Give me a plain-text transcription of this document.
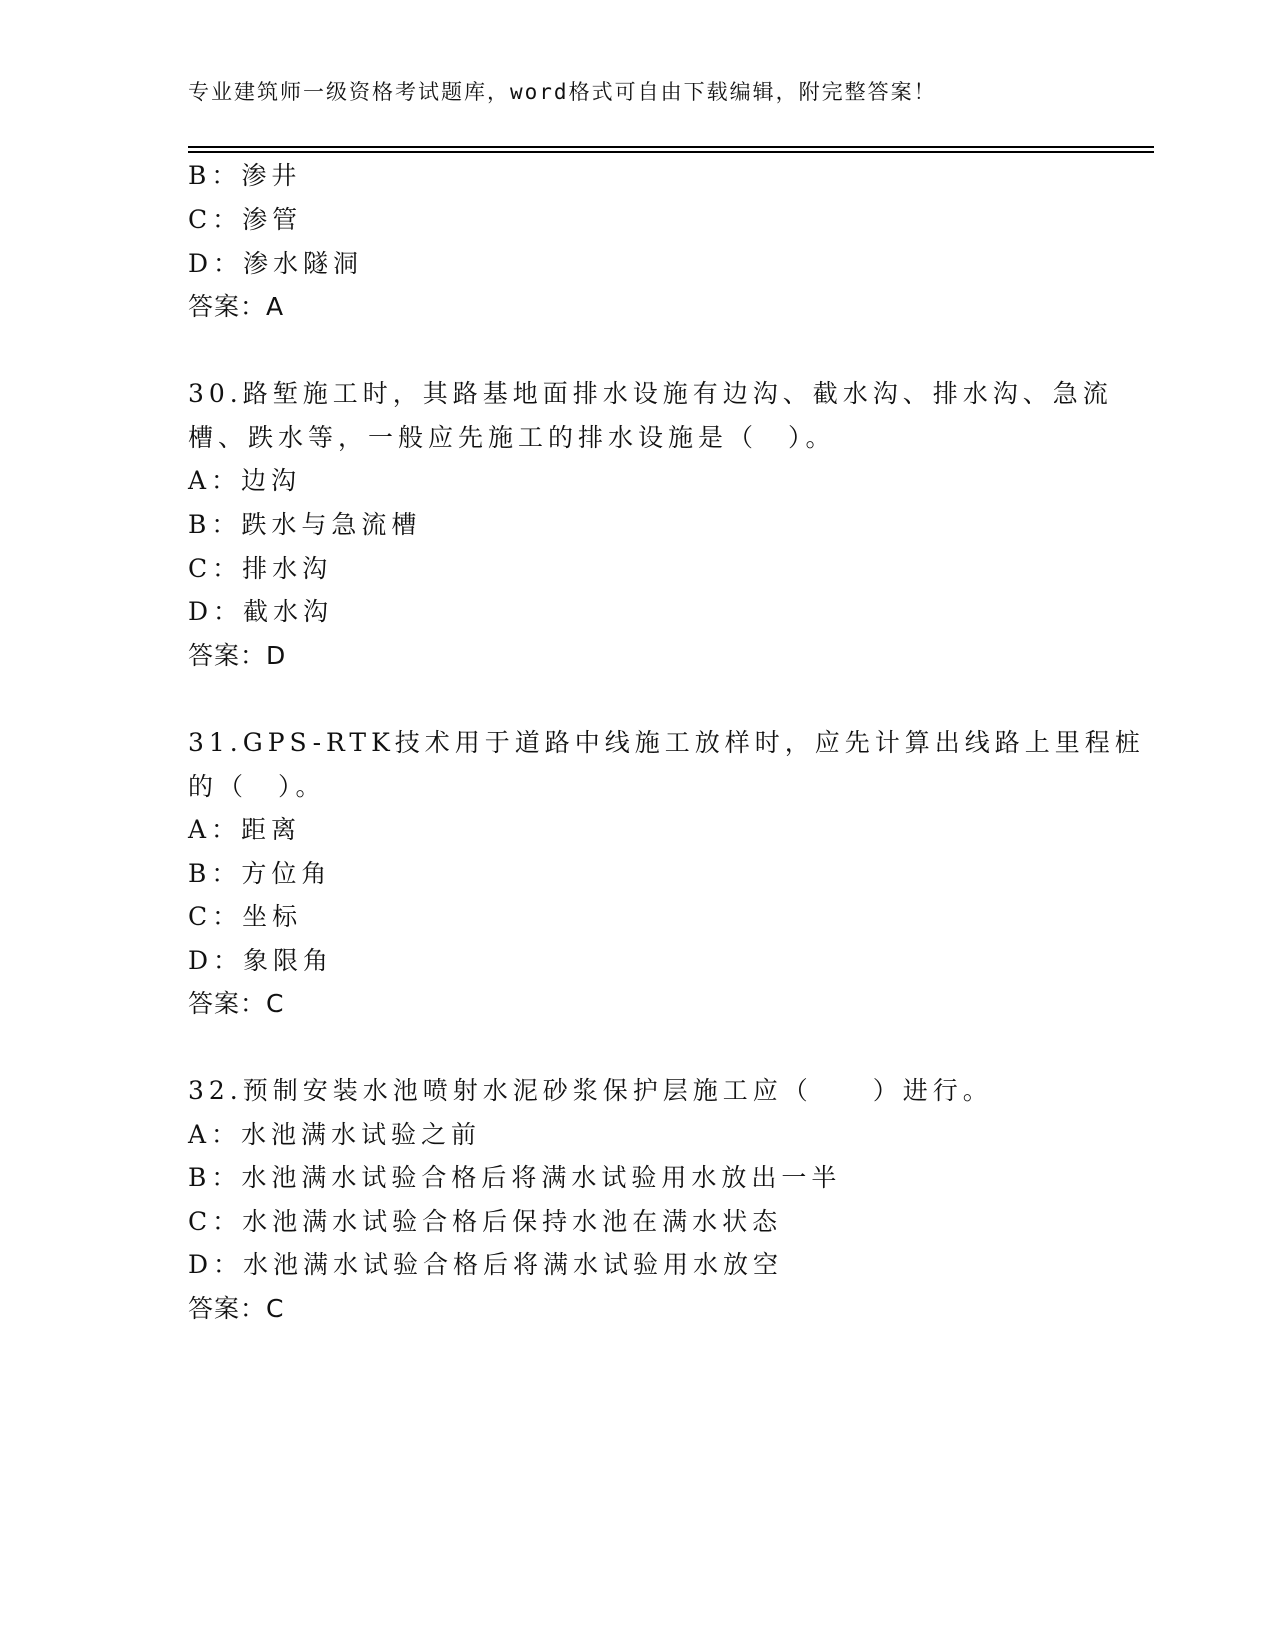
专业建筑师一级资格考试题库，word格式可自由下载编辑，附完整答案！
B：渗井
C：渗管
D：渗水隧洞
答案：A
30.路堑施工时，其路基地面排水设施有边沟、截水沟、排水沟、急流
槽、跌水等，一般应先施工的排水设施是（　）。
A：边沟
B：跌水与急流槽
C：排水沟
D：截水沟
答案：D
31.GPS-RTK技术用于道路中线施工放样时，应先计算出线路上里程桩
的（　）。
A：距离
B：方位角
C：坐标
D：象限角
答案：C
32.预制安装水池喷射水泥砂浆保护层施工应（　　）进行。
A：水池满水试验之前
B：水池满水试验合格后将满水试验用水放出一半
C：水池满水试验合格后保持水池在满水状态
D：水池满水试验合格后将满水试验用水放空
答案：C
